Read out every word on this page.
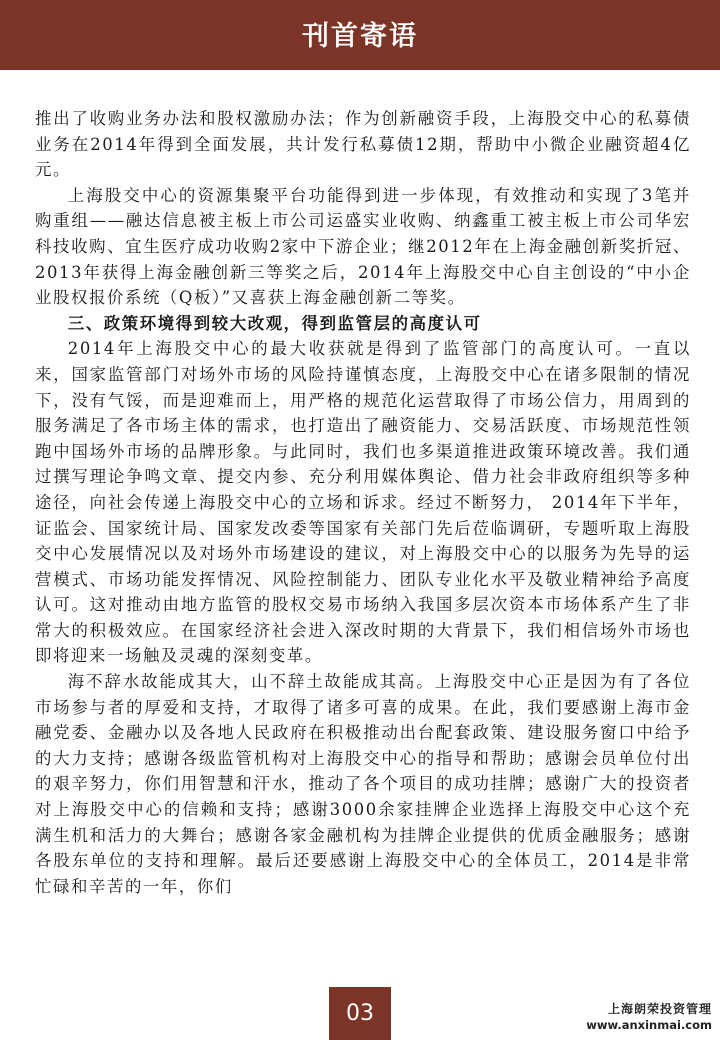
刊首寄语

推出了收购业务办法和股权激励办法；作为创新融资手段，上海股交中心的私募债业务在2014年得到全面发展，共计发行私募债12期，帮助中小微企业融资超4亿元。

上海股交中心的资源集聚平台功能得到进一步体现，有效推动和实现了3笔并购重组——融达信息被主板上市公司运盛实业收购、纳鑫重工被主板上市公司华宏科技收购、宜生医疗成功收购2家中下游企业；继2012年在上海金融创新奖折冠、2013年获得上海金融创新三等奖之后，2014年上海股交中心自主创设的“中小企业股权报价系统（Q板）”又喜获上海金融创新二等奖。

三、政策环境得到较大改观，得到监管层的高度认可

2014年上海股交中心的最大收获就是得到了监管部门的高度认可。一直以来，国家监管部门对场外市场的风险持谨慎态度，上海股交中心在诸多限制的情况下，没有气馁，而是迎难而上，用严格的规范化运营取得了市场公信力，用周到的服务满足了各市场主体的需求，也打造出了融资能力、交易活跃度、市场规范性领跑中国场外市场的品牌形象。与此同时，我们也多渠道推进政策环境改善。我们通过撰写理论争鸣文章、提交内参、充分利用媒体舆论、借力社会非政府组织等多种途径，向社会传递上海股交中心的立场和诉求。经过不断努力， 2014年下半年，证监会、国家统计局、国家发改委等国家有关部门先后莅临调研，专题听取上海股交中心发展情况以及对场外市场建设的建议，对上海股交中心的以服务为先导的运营模式、市场功能发挥情况、风险控制能力、团队专业化水平及敬业精神给予高度认可。这对推动由地方监管的股权交易市场纳入我国多层次资本市场体系产生了非常大的积极效应。在国家经济社会进入深改时期的大背景下，我们相信场外市场也即将迎来一场触及灵魂的深刻变革。

海不辞水故能成其大，山不辞土故能成其高。上海股交中心正是因为有了各位市场参与者的厚爱和支持，才取得了诸多可喜的成果。在此，我们要感谢上海市金融党委、金融办以及各地人民政府在积极推动出台配套政策、建设服务窗口中给予的大力支持；感谢各级监管机构对上海股交中心的指导和帮助；感谢会员单位付出的艰辛努力，你们用智慧和汗水，推动了各个项目的成功挂牌；感谢广大的投资者对上海股交中心的信赖和支持；感谢3000余家挂牌企业选择上海股交中心这个充满生机和活力的大舞台；感谢各家金融机构为挂牌企业提供的优质金融服务；感谢各股东单位的支持和理解。最后还要感谢上海股交中心的全体员工，2014是非常忙碌和辛苦的一年，你们

03	上海朗荣投资管理
www.anxinmai.com
